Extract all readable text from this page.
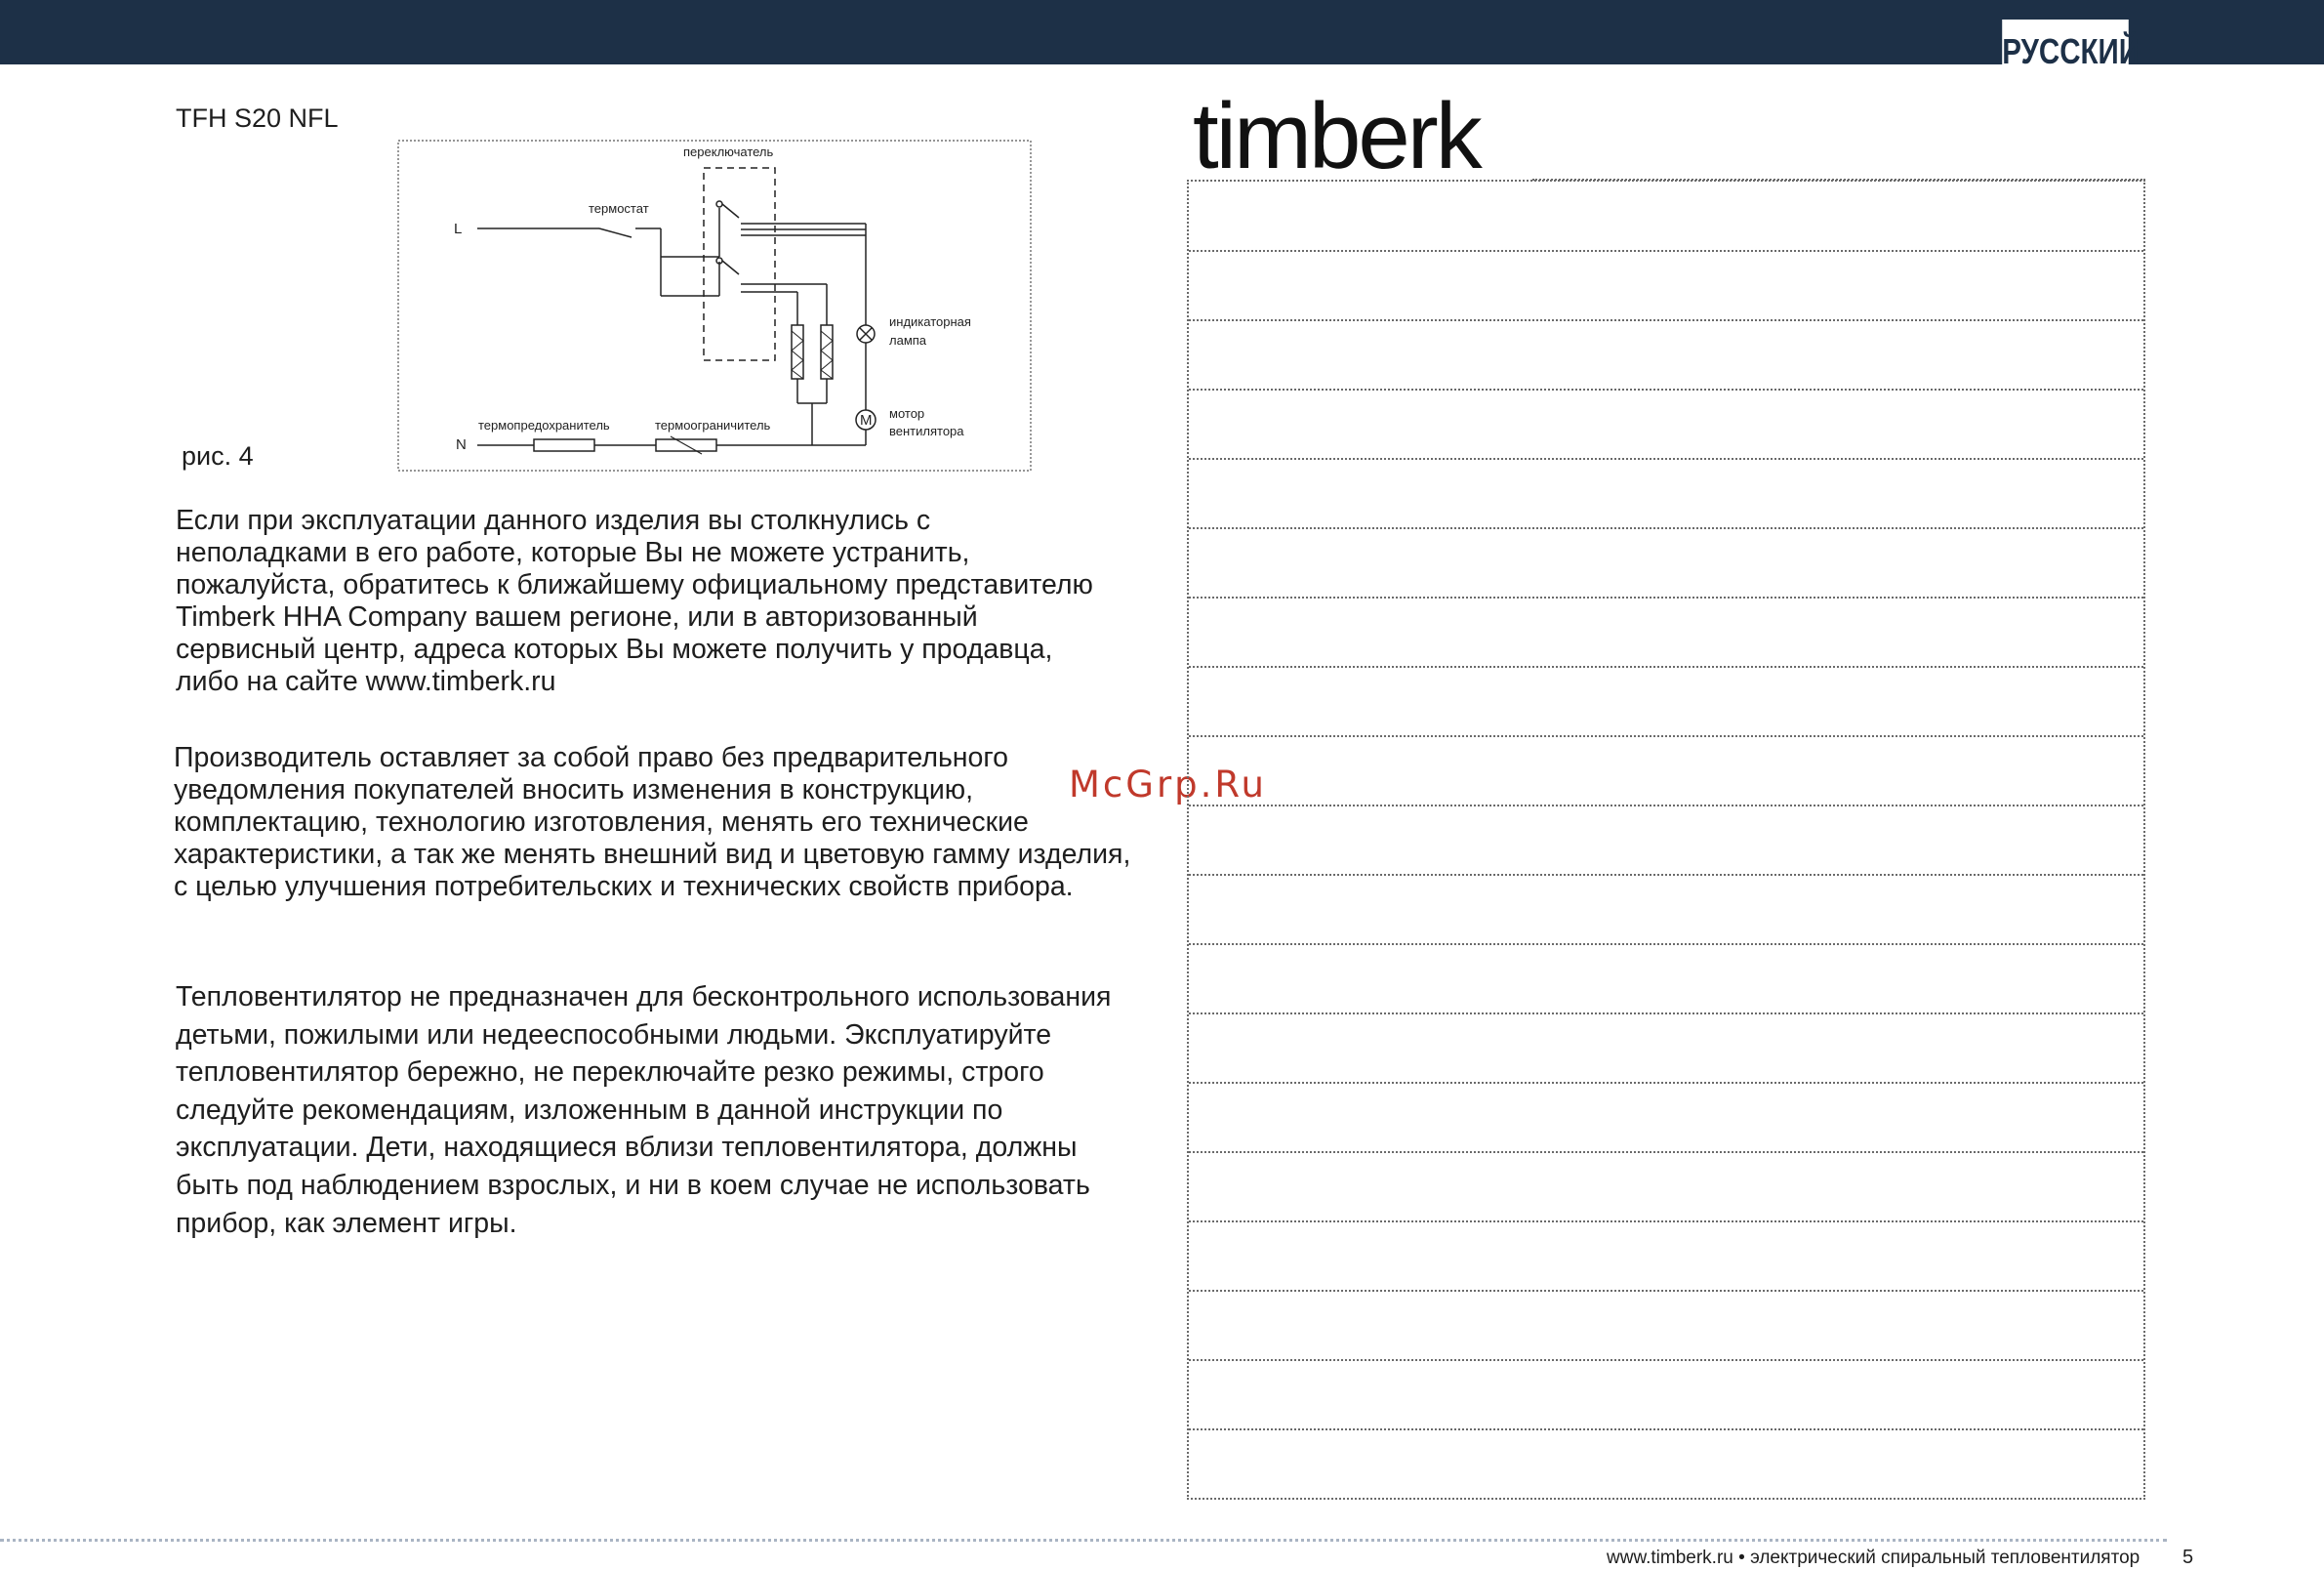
РУССКИЙ
TFH S20 NFL
M
переключатель
термостат
L
N
индикаторная
лампа
мотор
вентилятора
термопредохранитель	термоограничитель
рис. 4

Если при эксплуатации данного изделия вы столкнулись с неполадками в его работе, которые Вы не можете устранить, пожалуйста, обратитесь к ближайшему официальному представителю Timberk HHA Company вашем регионе, или в авторизованный сервисный центр, адреса которых Вы можете получить у продавца, либо на сайте www.timberk.ru

Производитель оставляет за собой право без предварительного уведомления покупателей вносить изменения в конструкцию, комплектацию, технологию изготовления, менять его технические характеристики, а так же менять внешний вид и цветовую гамму изделия, с целью улучшения потребительских и технических свойств прибора.

Тепловентилятор не предназначен для бесконтрольного использования детьми, пожилыми или недееспособными людьми. Эксплуатируйте тепловентилятор бережно, не переключайте резко режимы, строго следуйте рекомендациям, изложенным в данной инструкции по эксплуатации. Дети, находящиеся вблизи тепловентилятора, должны быть под наблюдением взрослых, и ни в коем случае не использовать прибор, как элемент игры.

McGrp.Ru
timberk
www.timberk.ru • электрический спиральный тепловентилятор 5
